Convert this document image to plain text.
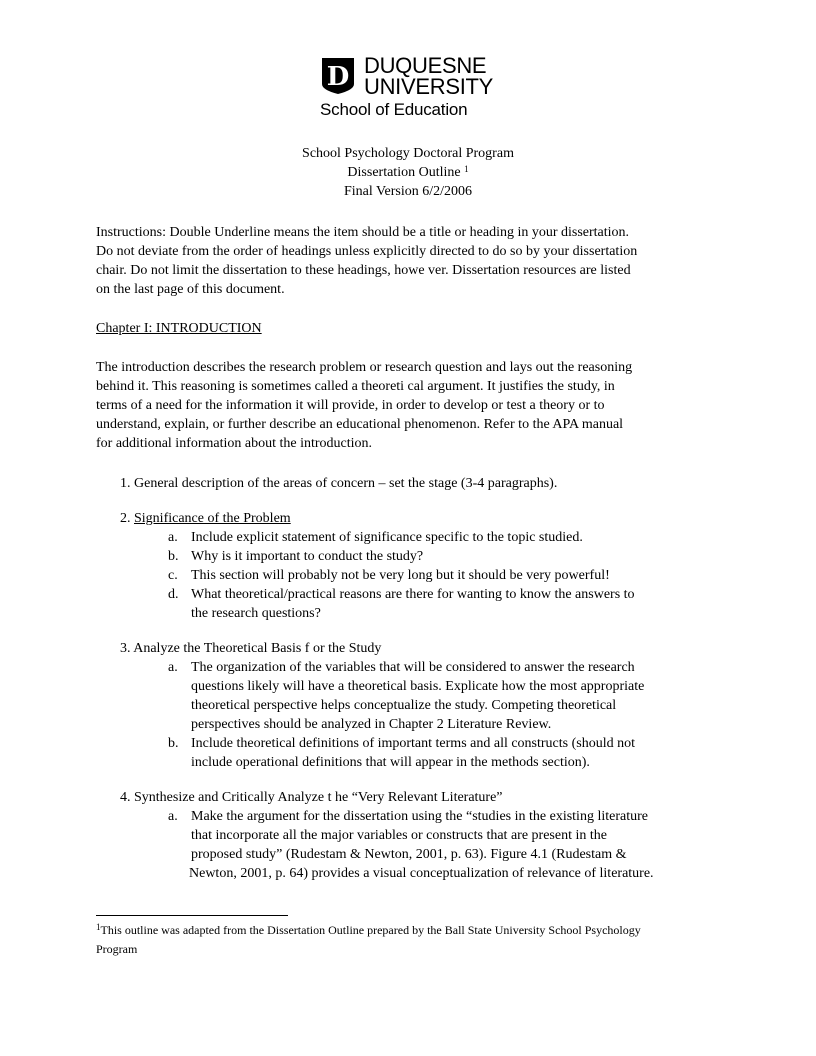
D DUQUESNE
UNIVERSITY
School of Education
School Psychology Doctoral Program
Dissertation Outline $^1$
Final Version 6/2/2006
Instructions: Double Underline means the item should be a title or heading in your dissertation.
Do not deviate from the order of headings unless explicitly directed to do so by your dissertation
chair. Do not limit the dissertation to these headings, howe ver. Dissertation resources are listed
on the last page of this document.
Chapter I: INTRODUCTION
The introduction describes the research problem or research question and lays out the reasoning
behind it. This reasoning is sometimes called a theoreti cal argument. It justifies the study, in
terms of a need for the information it will provide, in order to develop or test a theory or to
understand, explain, or further describe an educational phenomenon. Refer to the APA manual
for additional information about the introduction.
1. General description of the areas of concern – set the stage (3-4 paragraphs).
2. Significance of the Problem
a. Include explicit statement of significance specific to the topic studied.
b. Why is it important to conduct the study?
c. This section will probably not be very long but it should be very powerful!
d. What theoretical/practical reasons are there for wanting to know the answers to
the research questions?
3. Analyze the Theoretical Basis f or the Study
a. The organization of the variables that will be considered to answer the research
questions likely will have a theoretical basis. Explicate how the most appropriate
theoretical perspective helps conceptualize the study. Competing theoretical
perspectives should be analyzed in Chapter 2 Literature Review.
b. Include theoretical definitions of important terms and all constructs (should not
include operational definitions that will appear in the methods section).
4. Synthesize and Critically Analyze t he “Very Relevant Literature”
a. Make the argument for the dissertation using the “studies in the existing literature
that incorporate all the major variables or constructs that are present in the
proposed study” (Rudestam & Newton, 2001, p. 63). Figure 4.1 (Rudestam &
Newton, 2001, p. 64) provides a visual conceptualization of relevance of literature.
$^1$This outline was adapted from the Dissertation Outline prepared by the Ball State University School Psychology
Program
